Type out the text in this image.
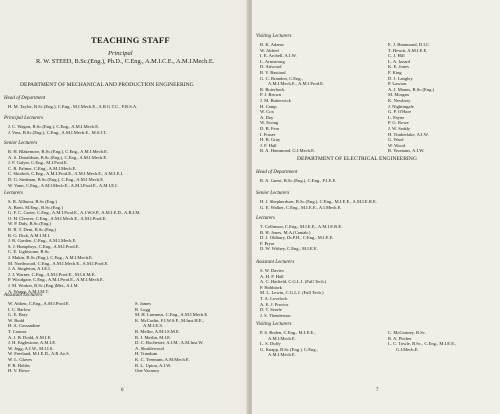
TEACHING STAFF
Principal
R. W. STEED, B.Sc.(Eng.), Ph.D., C.Eng., A.M.I.C.E., A.M.I.Mech.E.
DEPARTMENT OF MECHANICAL AND PRODUCTION ENGINEERING
Head of Department
H. M. Taylor, B.Sc.(Eng.), C.Eng., M.I.Mech.E., A.R.G.T.C., F.R.S.A.
Principal Lecturers
J. C. Wagon, B.Sc.(Eng.), C.Eng., A.M.I.Mech.E.
J. Vass, B.Sc.(Eng.), C.Eng., A.M.I.Mech.E., M.S.I.T.
Senior Lecturers
R. H. Blakemore, B.Sc.(Eng.), C.Eng., A.M.I.Mech.E.
A. S. Donaldson, B.Sc.(Eng.), C.Eng., A.M.I.Mech.E.
J. F. Galyer, C.Eng., M.I.Prod.E.
C. R. Palmer, C.Eng., A.M.I.Mech.E.
C. Shotbolt, C.Eng., A.M.I.Prod.E., A.M.I.Mech.E., A.M.I.E.I.
D. G. Stedman, B.Sc.(Eng.), C.Eng., A.M.I.Mech.E.
W. Vann, C.Eng., A.M.I.Mech.E., A.M.I.Prod.E., A.M.I.E.I.
Lecturers
S. R. Allhurst, B.Sc.(Eng.)
A. Brett, M.Eng., B.Sc.(Eng.)
G. F. C. Carter, C.Eng., A.M.I.Prod.E., A.I.W.S.P., A.M.I.E.D., A.B.I.M.
O. H. Cleaver, C.Eng., A.M.I.Mech.E., A.M.I.Prod.E.
W. P. Daly, B.Sc.(Eng.)
R. R. T. Dent, B.Sc.(Eng.)
R. G. Dick, A.M.I.M.I.
J. R. Gordon, C.Eng., A.M.I.Mech.E.
S. J. Humphrys, C.Eng., A.M.I.Prod.E.
C. E. Lightstone, B.Sc.
J. Makin, B.Sc.(Eng.), C.Eng., A.M.I.Mech.E.
M. Northwood, C.Eng., A.M.I.Mech.E., A.M.I.Prod.E.
J. A. Singleton, A.I.E.I.
J. J. Warner, C.Eng., A.M.I.Prod.E., M.I.S.M.E.
P. Woodgate, C.Eng., A.M.I.Prod.E., A.M.I.Mech.E.
J. M. Worker, B.Sc.(Eng.)Met., A.I.M.
A. Wragg, A.M.I.M.T.
Assistant Lecturers
W. Aitken, C.Eng., A.M.I.Prod.E.
I. C. Barlow
G. E. Bray
W. Budd
H. A. Cassandine
T. Connor
A. J. B. Dodd, A.M.I.E.
J. H. Eaglestone, A.M.I.E.
W. Jegg, A.I.W., M.I.I.S.
W. Freeland, M.I.E.D., A.R.Ae.S.
W. L. Glaves
P. R. Hobbs
H. V. Howe
S. James
R. Lugg
M. H. Lummus, C.Eng., A.M.I.Mech.E.
K. McCaslin, F.I.W.S.P., M.Inst.H.E.,
A.M.I.E.S.
B. Mellor, A.M.I.S.M.E.
R. J. Merlin, M.I.E.
D. C. Rochester, A.I.M., A.M.Inst.W.
A. Shuttlewood
H. Trandum
K. C. Trennum, A.M.Mech.E.
R. L. Upton, A.I.W.
One Vacancy
6
Visiting Lecturers
B. K. Adams
W. Aldred
I. E. Archell, A.I.W.
L. Armstrong
D. Attwood
R. V. Bastiard
G. C. Brandon, C.Eng.,
A.M.I.Mech.E., A.M.I.Prod.E.
R. Boterhock
P. J. Brown
J. M. Butterwick
H. Camp
W. Cox
A. Day
W. Ewing
D. B. Fear
I. Fraser
H. B. Gray
J. F. Hall
B. A. Hammond, G.I.Mech.E.
E. J. Hammond, D.I.C.
T. Hewitt, A.M.I.E.E.
C. J. Hill
L. A. Izzard
K. E. Jones
F. King
D. J. Langley
P. Lawton
A. J. Manns, B.Sc.(Eng.)
M. Morgan
K. Newbery
J. Nightingale
G. P. O'Hare
L. Payne
P. G. Rowe
J. W. Soddy
H. Timberlake, A.I.W.
G. Ward
W. Wood
R. Yeomans, A.I.W.
DEPARTMENT OF ELECTRICAL ENGINEERING
Head of Department
R. A. Guest, B.Sc.(Eng.), C.Eng., F.I.E.E.
Senior Lecturers
H. J. Shepherdson, B.Sc.(Eng.), C.Eng., M.I.E.E., A.M.I.E.R.E.
G. E. Walker, C.Eng., M.I.E.E., A.I.Mech.E.
Lecturers
T. Collinson, C.Eng., M.I.E.E., A.M.I.E.R.E.
B. H. Jones, M.A.(Cantab.)
D. J. Oldbury, Dr.P.H., C.Eng., M.I.E.E.
F. Pryor
D. W. Withey, C.Eng., M.I.E.E.
Assistant Lecturers
S. W. Davies
A. H. P. Hall
A. C. Hatfield, C.G.L.I. (Full Tech.)
P. Hobbiork
M. L. Lewin, C.G.L.I. (Full Tech.)
T. A. Lovelock
A. E. J. Proctor
D. T. Searle
J. S. Thenderson
Visiting Lecturers
P. S. Boden, C.Eng., M.I.E.E.,
A.M.I.Mech.E.
L. S. Duffy
G. Knapp, B.Sc.(Eng.), C.Eng.,
A.M.I.Mech.E.
C. McCartney, B.Sc.
R. A. Pitcher
L. C. Towle, B.Sc., C.Eng., M.I.E.E.,
G.I.Mech.E.
7
